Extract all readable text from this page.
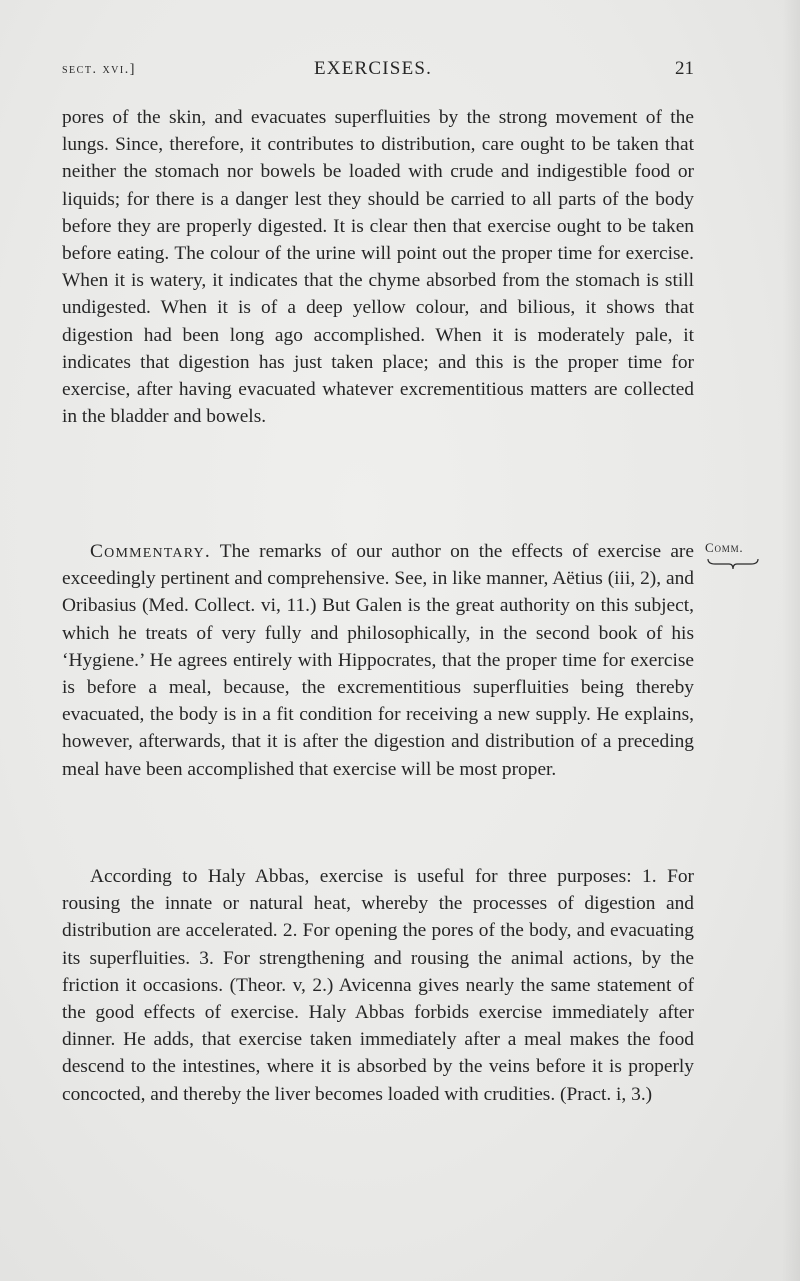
sect. xvi.]	EXERCISES.	21

pores of the skin, and evacuates superfluities by the strong movement of the lungs. Since, therefore, it contributes to distribution, care ought to be taken that neither the stomach nor bowels be loaded with crude and indigestible food or liquids; for there is a danger lest they should be carried to all parts of the body before they are properly digested. It is clear then that exercise ought to be taken before eating. The colour of the urine will point out the proper time for exercise. When it is watery, it indicates that the chyme absorbed from the stomach is still undigested. When it is of a deep yellow colour, and bilious, it shows that digestion had been long ago accomplished. When it is moderately pale, it indicates that digestion has just taken place; and this is the proper time for exercise, after having evacuated whatever excrementitious matters are collected in the bladder and bowels.

Commentary. The remarks of our author on the effects of exercise are exceedingly pertinent and comprehensive. See, in like manner, Aëtius (iii, 2), and Oribasius (Med. Collect. vi, 11.) But Galen is the great authority on this subject, which he treats of very fully and philosophically, in the second book of his ‘Hygiene.’ He agrees entirely with Hippocrates, that the proper time for exercise is before a meal, because, the excrementitious superfluities being thereby evacuated, the body is in a fit condition for receiving a new supply. He explains, however, afterwards, that it is after the digestion and distribution of a preceding meal have been accomplished that exercise will be most proper.

According to Haly Abbas, exercise is useful for three purposes: 1. For rousing the innate or natural heat, whereby the processes of digestion and distribution are accelerated. 2. For opening the pores of the body, and evacuating its superfluities. 3. For strengthening and rousing the animal actions, by the friction it occasions. (Theor. v, 2.) Avicenna gives nearly the same statement of the good effects of exercise. Haly Abbas forbids exercise immediately after dinner. He adds, that exercise taken immediately after a meal makes the food descend to the intestines, where it is absorbed by the veins before it is properly concocted, and thereby the liver becomes loaded with crudities. (Pract. i, 3.)

Comm.
